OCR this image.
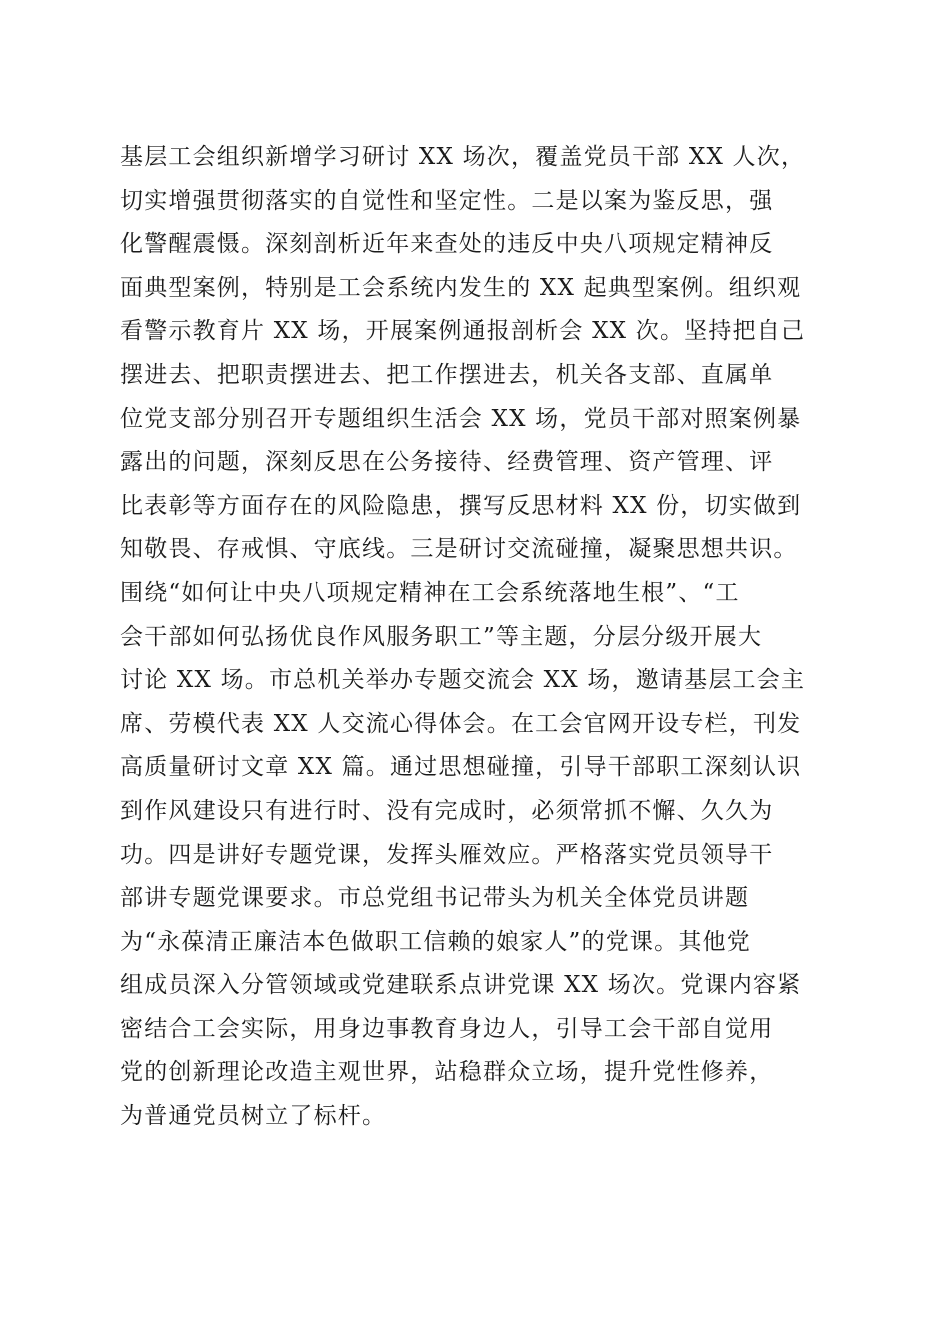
基层工会组织新增学习研讨 XX 场次，覆盖党员干部 XX 人次，
切实增强贯彻落实的自觉性和坚定性。二是以案为鉴反思，强
化警醒震慑。深刻剖析近年来查处的违反中央八项规定精神反
面典型案例，特别是工会系统内发生的 XX 起典型案例。组织观
看警示教育片 XX 场，开展案例通报剖析会 XX 次。坚持把自己
摆进去、把职责摆进去、把工作摆进去，机关各支部、直属单
位党支部分别召开专题组织生活会 XX 场，党员干部对照案例暴
露出的问题，深刻反思在公务接待、经费管理、资产管理、评
比表彰等方面存在的风险隐患，撰写反思材料 XX 份，切实做到
知敬畏、存戒惧、守底线。三是研讨交流碰撞，凝聚思想共识。
围绕“如何让中央八项规定精神在工会系统落地生根”、“工
会干部如何弘扬优良作风服务职工”等主题，分层分级开展大
讨论 XX 场。市总机关举办专题交流会 XX 场，邀请基层工会主
席、劳模代表 XX 人交流心得体会。在工会官网开设专栏，刊发
高质量研讨文章 XX 篇。通过思想碰撞，引导干部职工深刻认识
到作风建设只有进行时、没有完成时，必须常抓不懈、久久为
功。四是讲好专题党课，发挥头雁效应。严格落实党员领导干
部讲专题党课要求。市总党组书记带头为机关全体党员讲题
为“永葆清正廉洁本色做职工信赖的娘家人”的党课。其他党
组成员深入分管领域或党建联系点讲党课 XX 场次。党课内容紧
密结合工会实际，用身边事教育身边人，引导工会干部自觉用
党的创新理论改造主观世界，站稳群众立场，提升党性修养，
为普通党员树立了标杆。
